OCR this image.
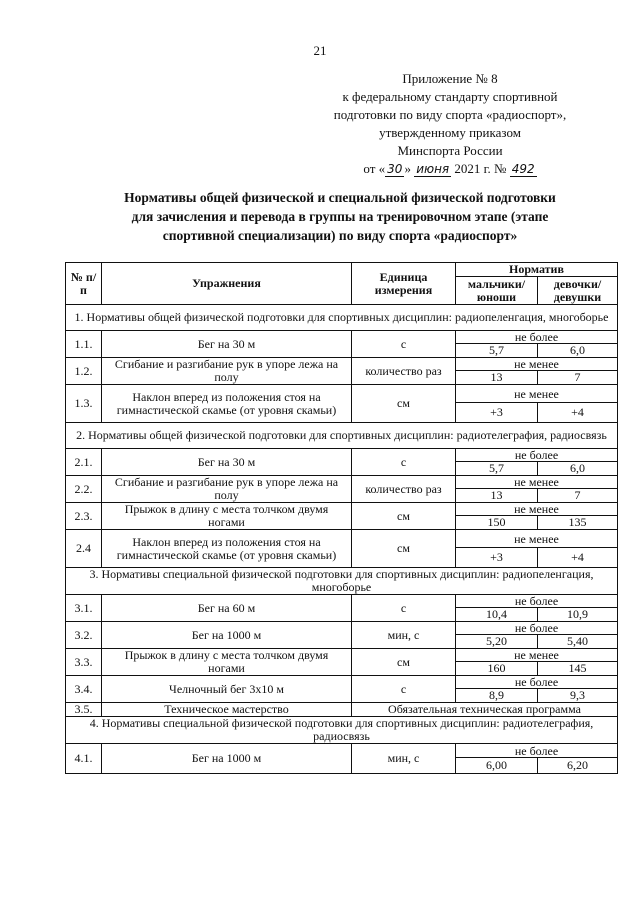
21
Приложение № 8
к федеральному стандарту спортивной
подготовки по виду спорта «радиоспорт»,
утвержденному приказом
Минспорта России
от « 30 » июня 2021 г. № 492
Нормативы общей физической и специальной физической подготовки
для зачисления и перевода в группы на тренировочном этапе (этапе
спортивной специализации) по виду спорта «радиоспорт»
№ п/п	Упражнения	Единица измерения	Норматив	
			мальчики/ юноши	девочки/ девушки
1. Нормативы общей физической подготовки для спортивных дисциплин: радиопеленгация, многоборье				
1.1.	Бег на 30 м	с	не более	
			5,7	6,0
1.2.	Сгибание и разгибание рук в упоре лежа на полу	количество раз	не менее	
			13	7
1.3.	Наклон вперед из положения стоя на гимнастической скамье (от уровня скамьи)	см	не менее	
			+3	+4
2. Нормативы общей физической подготовки для спортивных дисциплин: радиотелеграфия, радиосвязь				
2.1.	Бег на 30 м	с	не более	
			5,7	6,0
2.2.	Сгибание и разгибание рук в упоре лежа на полу	количество раз	не менее	
			13	7
2.3.	Прыжок в длину с места толчком двумя ногами	см	не менее	
			150	135
2.4	Наклон вперед из положения стоя на гимнастической скамье (от уровня скамьи)	см	не менее	
			+3	+4
3. Нормативы специальной физической подготовки для спортивных дисциплин: радиопеленгация, многоборье				
3.1.	Бег на 60 м	с	не более	
			10,4	10,9
3.2.	Бег на 1000 м	мин, с	не более	
			5,20	5,40
3.3.	Прыжок в длину с места толчком двумя ногами	см	не менее	
			160	145
3.4.	Челночный бег 3х10 м	с	не более	
			8,9	9,3
3.5.	Техническое мастерство	Обязательная техническая программа		
4. Нормативы специальной физической подготовки для спортивных дисциплин: радиотелеграфия, радиосвязь				
4.1.	Бег на 1000 м	мин, с	не более	
			6,00	6,20
